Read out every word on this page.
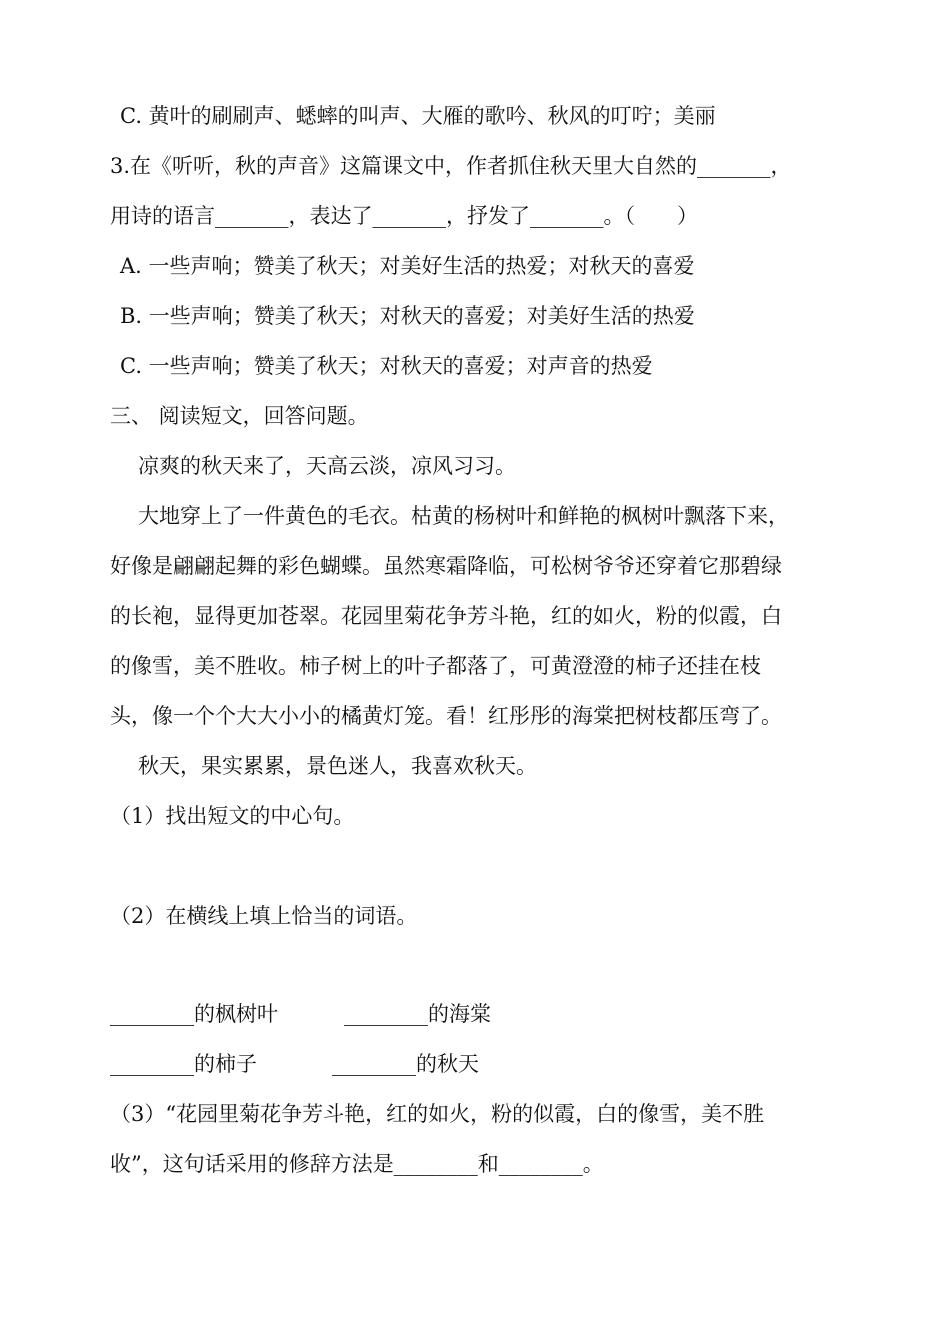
C. 黄叶的刷刷声、蟋蟀的叫声、大雁的歌吟、秋风的叮咛；美丽
3.在《听听，秋的声音》这篇课文中，作者抓住秋天里大自然的_______，
用诗的语言_______，表达了_______，抒发了_______。（　　）
A. 一些声响；赞美了秋天；对美好生活的热爱；对秋天的喜爱
B. 一些声响；赞美了秋天；对秋天的喜爱；对美好生活的热爱
C. 一些声响；赞美了秋天；对秋天的喜爱；对声音的热爱
三、 阅读短文，回答问题。
凉爽的秋天来了，天高云淡，凉风习习。
大地穿上了一件黄色的毛衣。枯黄的杨树叶和鲜艳的枫树叶飘落下来，
好像是翩翩起舞的彩色蝴蝶。虽然寒霜降临，可松树爷爷还穿着它那碧绿
的长袍，显得更加苍翠。花园里菊花争芳斗艳，红的如火，粉的似霞，白
的像雪，美不胜收。柿子树上的叶子都落了，可黄澄澄的柿子还挂在枝
头，像一个个大大小小的橘黄灯笼。看！红彤彤的海棠把树枝都压弯了。
秋天，果实累累，景色迷人，我喜欢秋天。
（1）找出短文的中心句。
（2）在横线上填上恰当的词语。
________的枫树叶	________的海棠
________的柿子	________的秋天
（3）“花园里菊花争芳斗艳，红的如火，粉的似霞，白的像雪，美不胜
收”，这句话采用的修辞方法是________和________。
